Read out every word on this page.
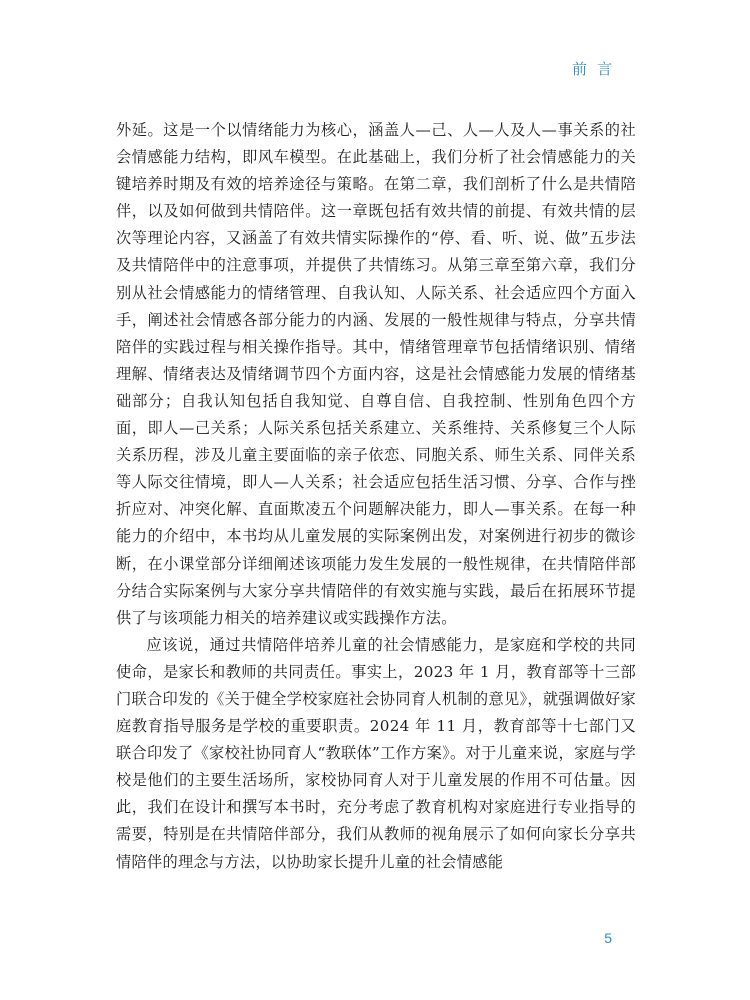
前言

外延。这是一个以情绪能力为核心，涵盖人—己、人—人及人—事关系的社会情感能力结构，即风车模型。在此基础上，我们分析了社会情感能力的关键培养时期及有效的培养途径与策略。在第二章，我们剖析了什么是共情陪伴，以及如何做到共情陪伴。这一章既包括有效共情的前提、有效共情的层次等理论内容，又涵盖了有效共情实际操作的“停、看、听、说、做”五步法及共情陪伴中的注意事项，并提供了共情练习。从第三章至第六章，我们分别从社会情感能力的情绪管理、自我认知、人际关系、社会适应四个方面入手，阐述社会情感各部分能力的内涵、发展的一般性规律与特点，分享共情陪伴的实践过程与相关操作指导。其中，情绪管理章节包括情绪识别、情绪理解、情绪表达及情绪调节四个方面内容，这是社会情感能力发展的情绪基础部分；自我认知包括自我知觉、自尊自信、自我控制、性别角色四个方面，即人—己关系；人际关系包括关系建立、关系维持、关系修复三个人际关系历程，涉及儿童主要面临的亲子依恋、同胞关系、师生关系、同伴关系等人际交往情境，即人—人关系；社会适应包括生活习惯、分享、合作与挫折应对、冲突化解、直面欺凌五个问题解决能力，即人—事关系。在每一种能力的介绍中，本书均从儿童发展的实际案例出发，对案例进行初步的微诊断，在小课堂部分详细阐述该项能力发生发展的一般性规律，在共情陪伴部分结合实际案例与大家分享共情陪伴的有效实施与实践，最后在拓展环节提供了与该项能力相关的培养建议或实践操作方法。

应该说，通过共情陪伴培养儿童的社会情感能力，是家庭和学校的共同使命，是家长和教师的共同责任。事实上，2023 年 1 月，教育部等十三部门联合印发的《关于健全学校家庭社会协同育人机制的意见》，就强调做好家庭教育指导服务是学校的重要职责。2024 年 11 月，教育部等十七部门又联合印发了《家校社协同育人“教联体”工作方案》。对于儿童来说，家庭与学校是他们的主要生活场所，家校协同育人对于儿童发展的作用不可估量。因此，我们在设计和撰写本书时，充分考虑了教育机构对家庭进行专业指导的需要，特别是在共情陪伴部分，我们从教师的视角展示了如何向家长分享共情陪伴的理念与方法，以协助家长提升儿童的社会情感能

5
